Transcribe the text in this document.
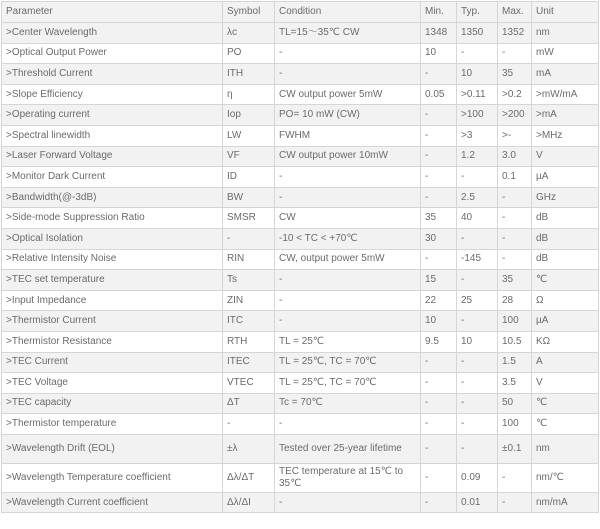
Parameter	Symbol	Condition	Min.	Typ.	Max.	Unit
>Center Wavelength	λc	TL=15～35℃ CW	1348	1350	1352	nm
>Optical Output Power	PO	-	10	-	-	mW
>Threshold Current	ITH	-	-	10	35	mA
>Slope Efficiency	η	CW output power 5mW	0.05	>0.11	>0.2	>mW/mA
>Operating current	Iop	PO= 10 mW (CW)	-	>100	>200	>mA
>Spectral linewidth	LW	FWHM	-	>3	>-	>MHz
>Laser Forward Voltage	VF	CW output power 10mW	-	1.2	3.0	V
>Monitor Dark Current	ID	-	-	-	0.1	µA
>Bandwidth(@-3dB)	BW	-	-	2.5	-	GHz
>Side-mode Suppression Ratio	SMSR	CW	35	40	-	dB
>Optical Isolation	-	-10 < TC < +70℃	30	-	-	dB
>Relative Intensity Noise	RIN	CW, output power 5mW	-	-145	-	dB
>TEC set temperature	Ts	-	15	-	35	℃
>Input Impedance	ZIN	-	22	25	28	Ω
>Thermistor Current	ITC	-	10	-	100	µA
>Thermistor Resistance	RTH	TL = 25℃	9.5	10	10.5	KΩ
>TEC Current	ITEC	TL = 25℃, TC = 70℃	-	-	1.5	A
>TEC Voltage	VTEC	TL = 25℃, TC = 70℃	-	-	3.5	V
>TEC capacity	ΔT	Tc = 70℃	-	-	50	℃
>Thermistor temperature	-	-	-	-	100	℃
>Wavelength Drift (EOL)	±λ	Tested over 25-year lifetime	-	-	±0.1	nm
>Wavelength Temperature coefficient	Δλ/ΔT	TEC temperature at 15℃ to 35℃	-	0.09	-	nm/℃
>Wavelength Current coefficient	Δλ/ΔI	-	-	0.01	-	nm/mA
